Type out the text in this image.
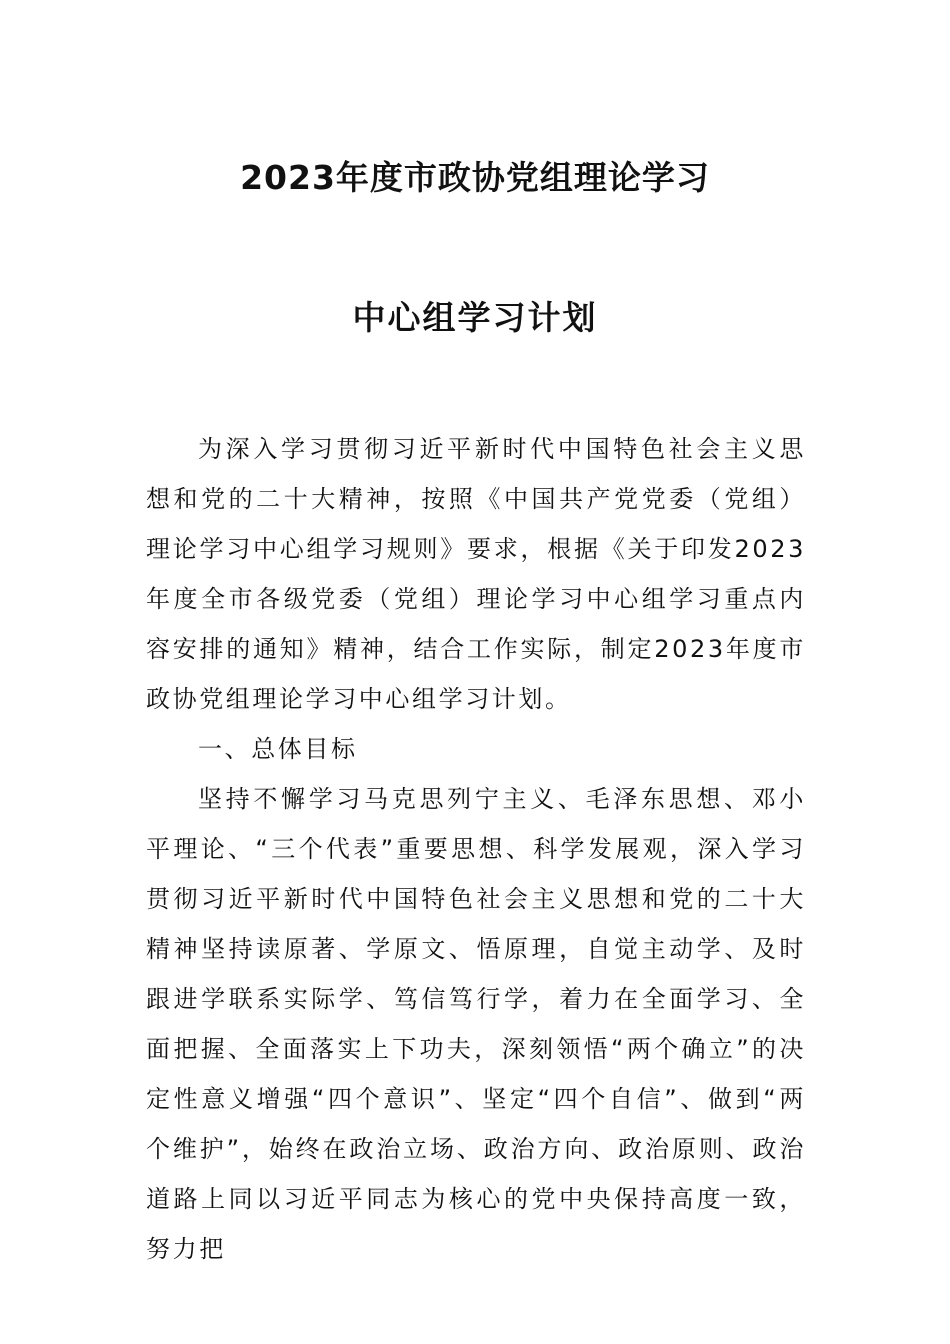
2023年度市政协党组理论学习
中心组学习计划

为深入学习贯彻习近平新时代中国特色社会主义思想和党的二十大精神，按照《中国共产党党委（党组）理论学习中心组学习规则》要求，根据《关于印发2023年度全市各级党委（党组）理论学习中心组学习重点内容安排的通知》精神，结合工作实际，制定2023年度市政协党组理论学习中心组学习计划。

一、总体目标

坚持不懈学习马克思列宁主义、毛泽东思想、邓小平理论、“三个代表”重要思想、科学发展观，深入学习贯彻习近平新时代中国特色社会主义思想和党的二十大精神坚持读原著、学原文、悟原理，自觉主动学、及时跟进学联系实际学、笃信笃行学，着力在全面学习、全面把握、全面落实上下功夫，深刻领悟“两个确立”的决定性意义增强“四个意识”、坚定“四个自信”、做到“两个维护”，始终在政治立场、政治方向、政治原则、政治道路上同以习近平同志为核心的党中央保持高度一致，努力把
